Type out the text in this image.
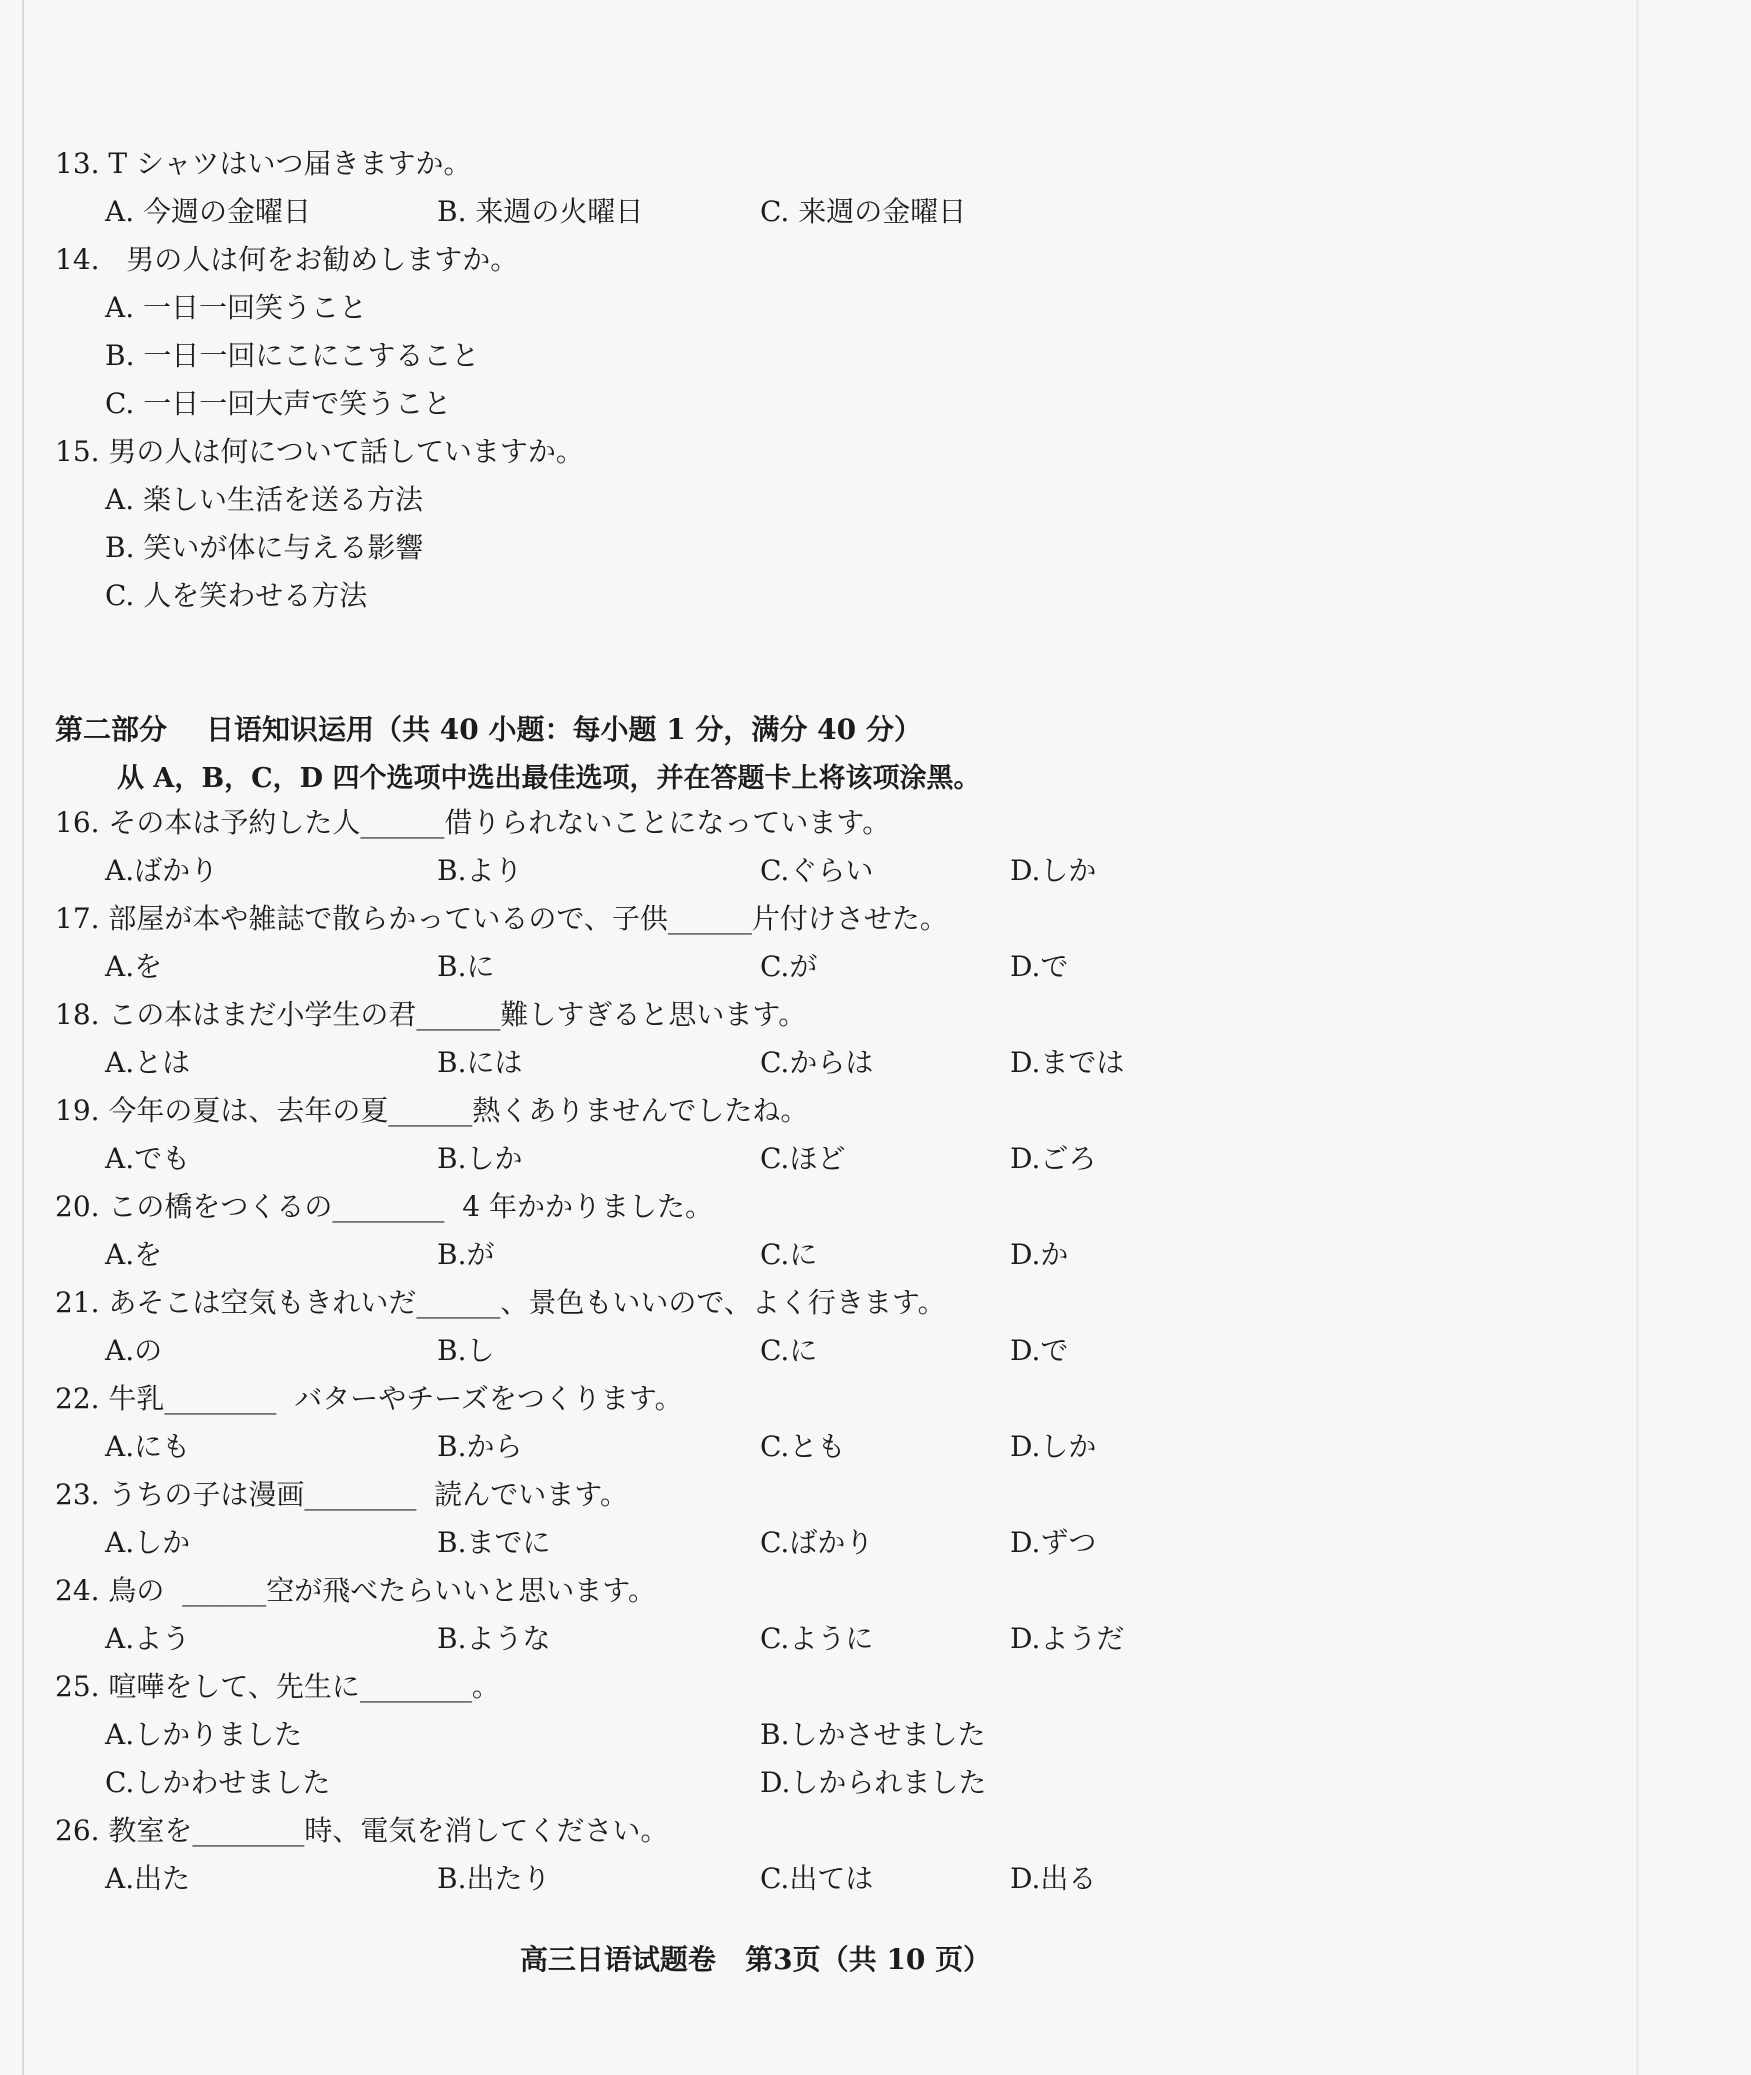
13. T シャツはいつ届きますか。
A. 今週の金曜日	B. 来週の火曜日	C. 来週の金曜日
14.   男の人は何をお勧めしますか。
A. 一日一回笑うこと
B. 一日一回にこにこすること
C. 一日一回大声で笑うこと
15. 男の人は何について話していますか。
A. 楽しい生活を送る方法
B. 笑いが体に与える影響
C. 人を笑わせる方法
第二部分    日语知识运用（共 40 小题：每小题 1 分，满分 40 分）
从 A，B，C，D 四个选项中选出最佳选项，并在答题卡上将该项涂黑。
16. その本は予約した人______借りられないことになっています。
A.ばかり	B.より	C.ぐらい	D.しか
17. 部屋が本や雑誌で散らかっているので、子供______片付けさせた。
A.を	B.に	C.が	D.で
18. この本はまだ小学生の君______難しすぎると思います。
A.とは	B.には	C.からは	D.までは
19. 今年の夏は、去年の夏______熱くありませんでしたね。
A.でも	B.しか	C.ほど	D.ごろ
20. この橋をつくるの________  4 年かかりました。
A.を	B.が	C.に	D.か
21. あそこは空気もきれいだ______、景色もいいので、よく行きます。
A.の	B.し	C.に	D.で
22. 牛乳________  バターやチーズをつくります。
A.にも	B.から	C.とも	D.しか
23. うちの子は漫画________  読んでいます。
A.しか	B.までに	C.ばかり	D.ずつ
24. 鳥の  ______空が飛べたらいいと思います。
A.よう	B.ような	C.ように	D.ようだ
25. 喧嘩をして、先生に________。
A.しかりました	B.しかさせました
C.しかわせました	D.しかられました
26. 教室を________時、電気を消してください。
A.出た	B.出たり	C.出ては	D.出る
高三日语试题卷   第3页（共 10 页）
